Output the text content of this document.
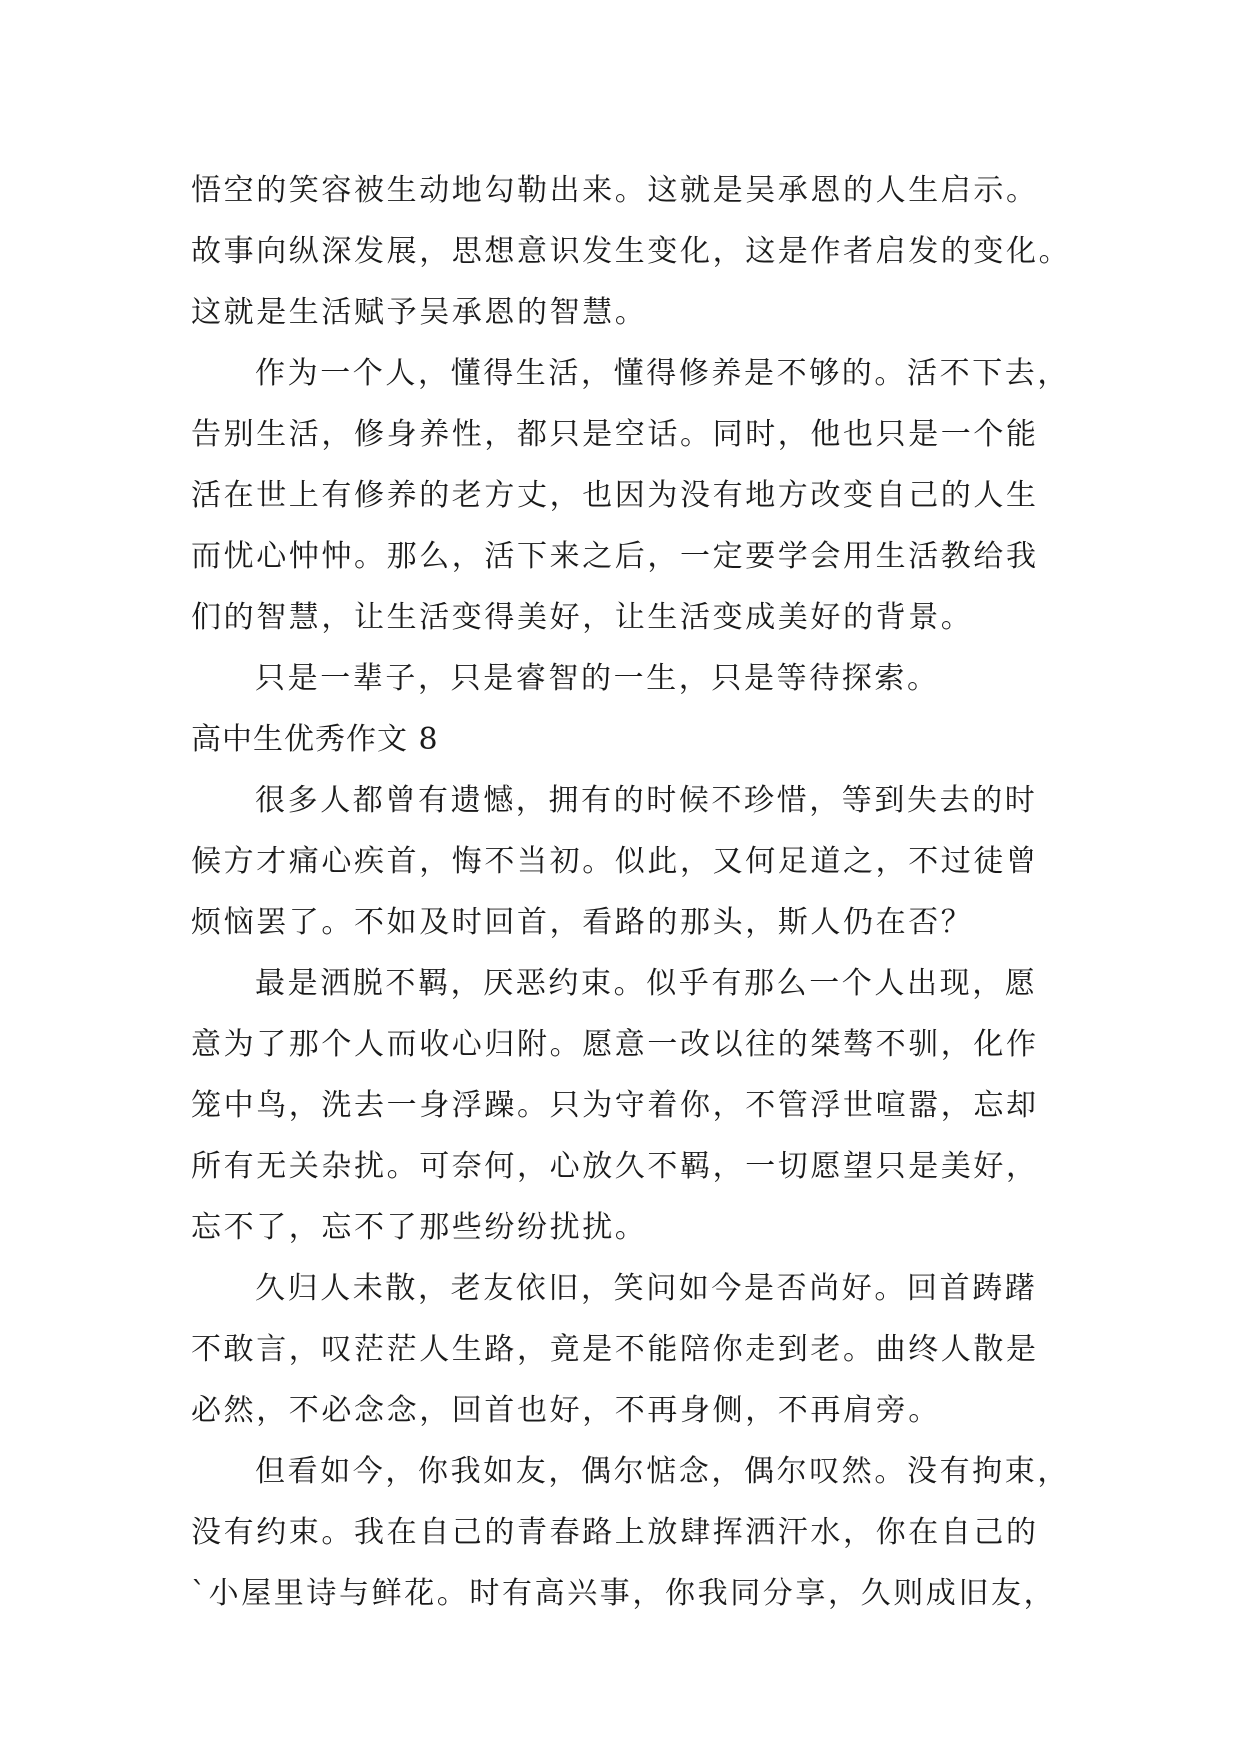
悟空的笑容被生动地勾勒出来。这就是吴承恩的人生启示。
故事向纵深发展，思想意识发生变化，这是作者启发的变化。
这就是生活赋予吴承恩的智慧。
作为一个人，懂得生活，懂得修养是不够的。活不下去，
告别生活，修身养性，都只是空话。同时，他也只是一个能
活在世上有修养的老方丈，也因为没有地方改变自己的人生
而忧心忡忡。那么，活下来之后，一定要学会用生活教给我
们的智慧，让生活变得美好，让生活变成美好的背景。
只是一辈子，只是睿智的一生，只是等待探索。
高中生优秀作文 8
很多人都曾有遗憾，拥有的时候不珍惜，等到失去的时
候方才痛心疾首，悔不当初。似此，又何足道之，不过徒曾
烦恼罢了。不如及时回首，看路的那头，斯人仍在否？
最是洒脱不羁，厌恶约束。似乎有那么一个人出现，愿
意为了那个人而收心归附。愿意一改以往的桀骜不驯，化作
笼中鸟，洗去一身浮躁。只为守着你，不管浮世喧嚣，忘却
所有无关杂扰。可奈何，心放久不羁，一切愿望只是美好，
忘不了，忘不了那些纷纷扰扰。
久归人未散，老友依旧，笑问如今是否尚好。回首踌躇
不敢言，叹茫茫人生路，竟是不能陪你走到老。曲终人散是
必然，不必念念，回首也好，不再身侧，不再肩旁。
但看如今，你我如友，偶尔惦念，偶尔叹然。没有拘束，
没有约束。我在自己的青春路上放肆挥洒汗水，你在自己的
`小屋里诗与鲜花。时有高兴事，你我同分享，久则成旧友，
